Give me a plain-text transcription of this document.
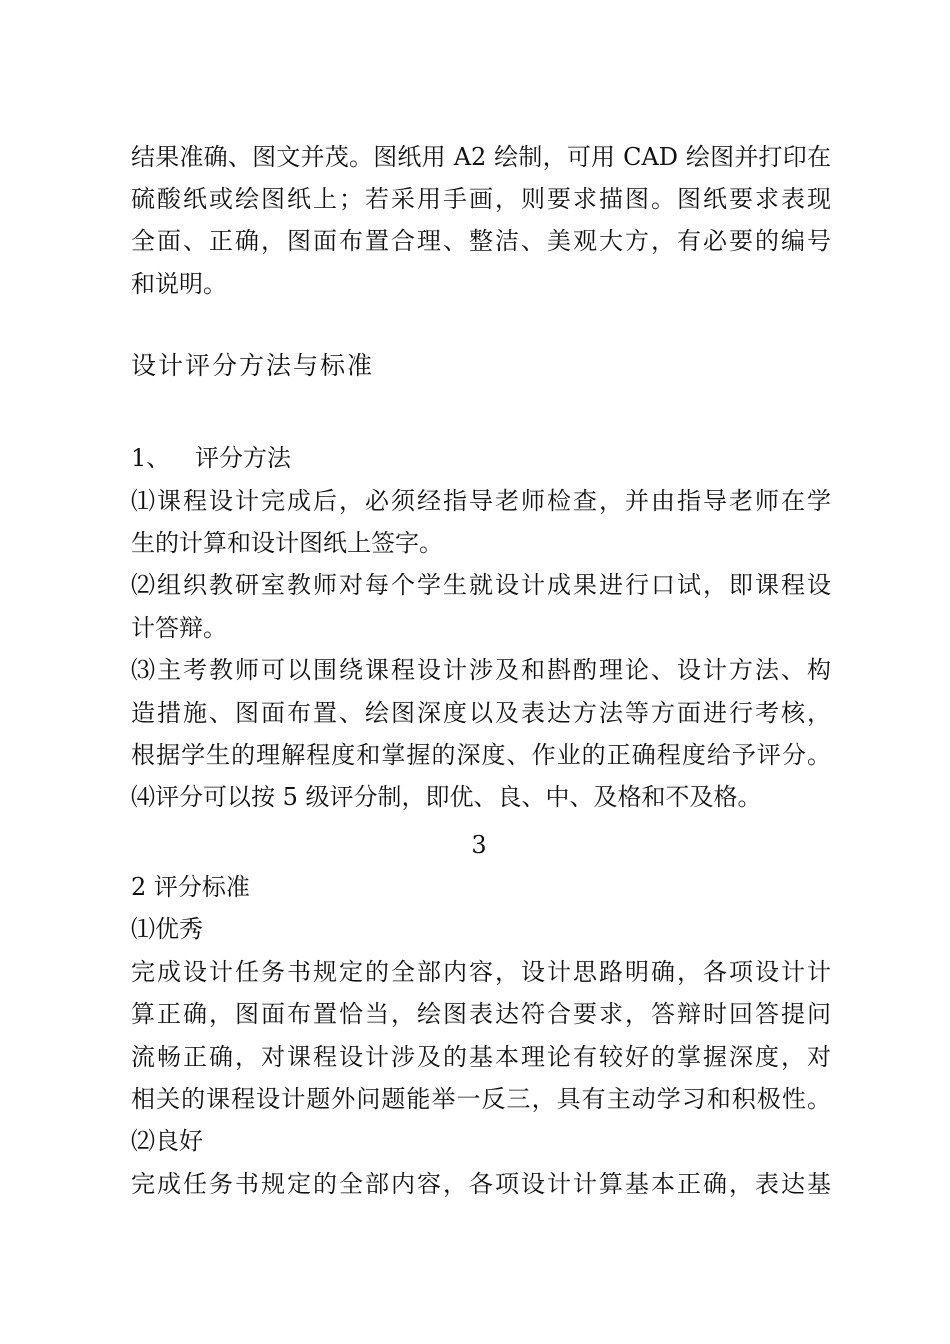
结果准确、图文并茂。图纸用 A2 绘制，可用 CAD 绘图并打印在
硫酸纸或绘图纸上；若采用手画，则要求描图。图纸要求表现
全面、正确，图面布置合理、整洁、美观大方，有必要的编号
和说明。
设计评分方法与标准
1、 评分方法
⑴课程设计完成后，必须经指导老师检查，并由指导老师在学
生的计算和设计图纸上签字。
⑵组织教研室教师对每个学生就设计成果进行口试，即课程设
计答辩。
⑶主考教师可以围绕课程设计涉及和斟酌理论、设计方法、构
造措施、图面布置、绘图深度以及表达方法等方面进行考核，
根据学生的理解程度和掌握的深度、作业的正确程度给予评分。
⑷评分可以按 5 级评分制，即优、良、中、及格和不及格。
3
2 评分标准
⑴优秀
完成设计任务书规定的全部内容，设计思路明确，各项设计计
算正确，图面布置恰当，绘图表达符合要求，答辩时回答提问
流畅正确，对课程设计涉及的基本理论有较好的掌握深度，对
相关的课程设计题外问题能举一反三，具有主动学习和积极性。
⑵良好
完成任务书规定的全部内容，各项设计计算基本正确，表达基
